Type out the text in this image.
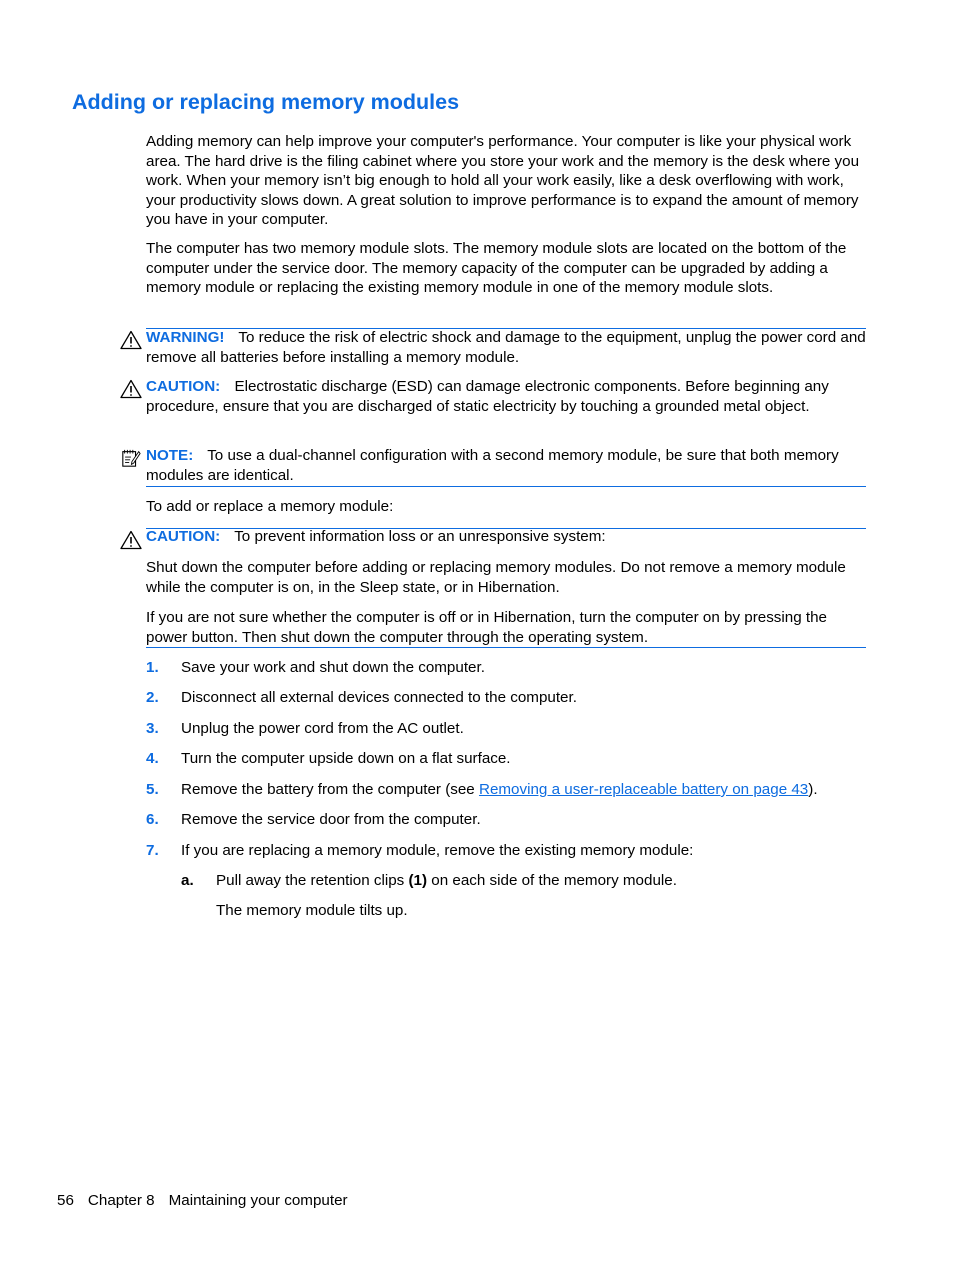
Adding or replacing memory modules

Adding memory can help improve your computer's performance. Your computer is like your physical work area. The hard drive is the filing cabinet where you store your work and the memory is the desk where you work. When your memory isn’t big enough to hold all your work easily, like a desk overflowing with work, your productivity slows down. A great solution to improve performance is to expand the amount of memory you have in your computer.

The computer has two memory module slots. The memory module slots are located on the bottom of the computer under the service door. The memory capacity of the computer can be upgraded by adding a memory module or replacing the existing memory module in one of the memory module slots.

WARNING! To reduce the risk of electric shock and damage to the equipment, unplug the power cord and remove all batteries before installing a memory module.
CAUTION: Electrostatic discharge (ESD) can damage electronic components. Before beginning any procedure, ensure that you are discharged of static electricity by touching a grounded metal object.
NOTE: To use a dual-channel configuration with a second memory module, be sure that both memory modules are identical.

To add or replace a memory module:

CAUTION: To prevent information loss or an unresponsive system:

Shut down the computer before adding or replacing memory modules. Do not remove a memory module while the computer is on, in the Sleep state, or in Hibernation.

If you are not sure whether the computer is off or in Hibernation, turn the computer on by pressing the power button. Then shut down the computer through the operating system.

1. Save your work and shut down the computer.
2. Disconnect all external devices connected to the computer.
3. Unplug the power cord from the AC outlet.
4. Turn the computer upside down on a flat surface.
5. Remove the battery from the computer (see Removing a user-replaceable battery on page 43).
6. Remove the service door from the computer.
7. If you are replacing a memory module, remove the existing memory module:
a. Pull away the retention clips (1) on each side of the memory module.
The memory module tilts up.
56 Chapter 8 Maintaining your computer
